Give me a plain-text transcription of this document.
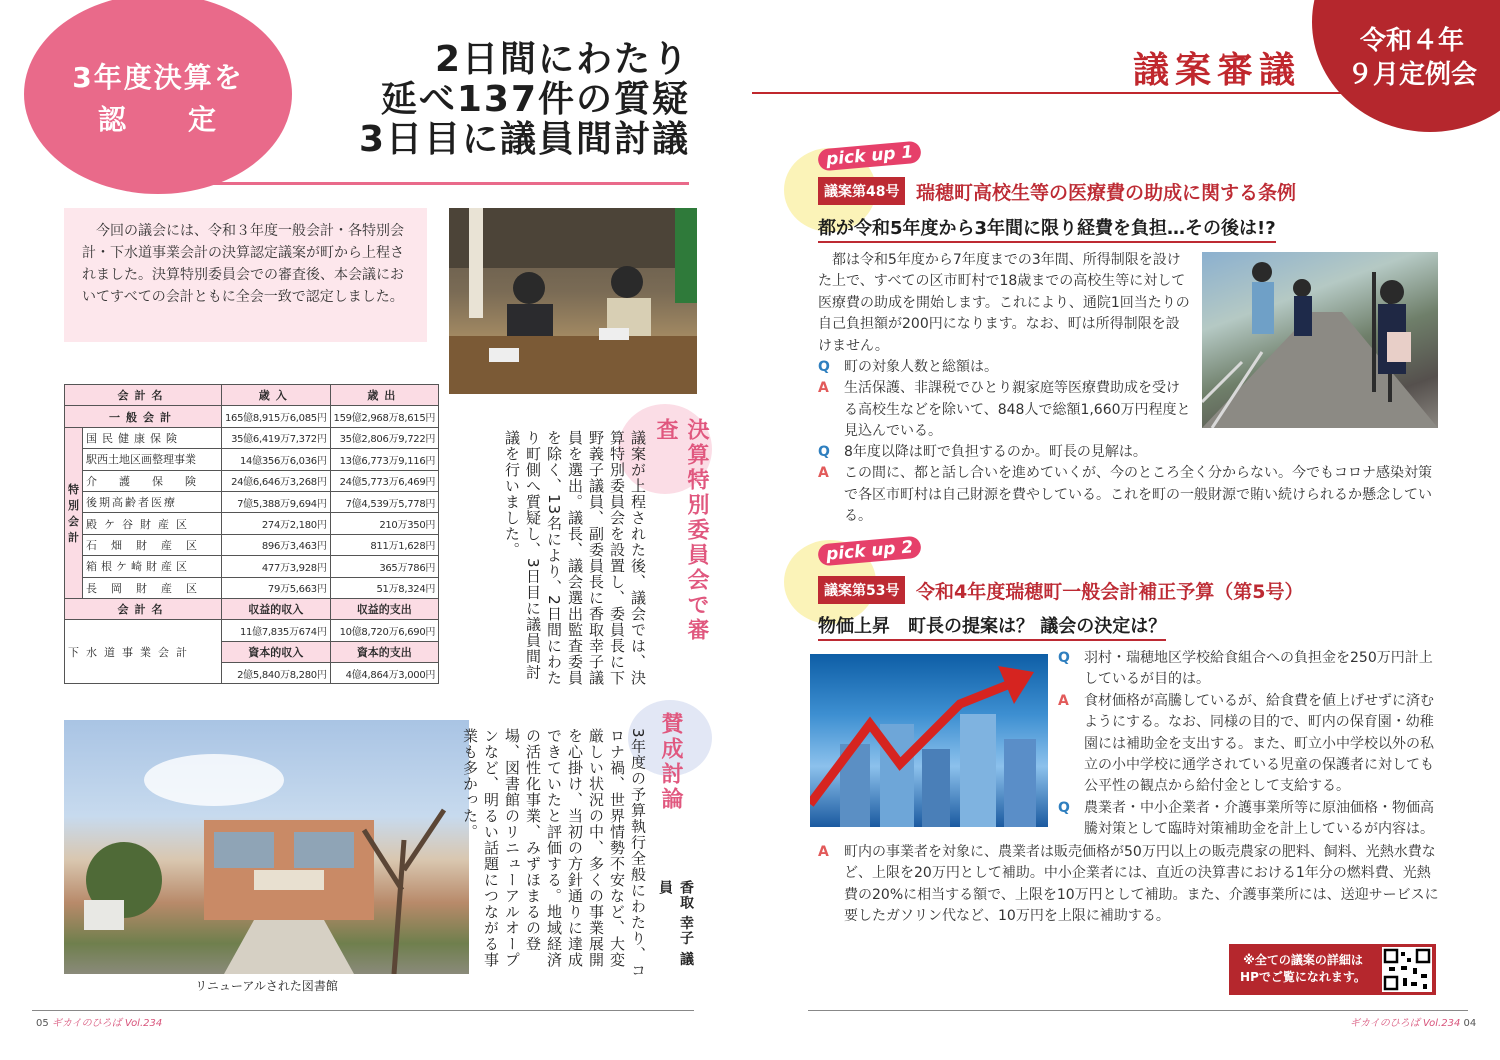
3年度決算を
認　　定
2日間にわたり
延べ137件の質疑
3日目に議員間討議
今回の議会には、令和３年度一般会計・各特別会計・下水道事業会計の決算認定議案が町から上程されました。決算特別委員会での審査後、本会議においてすべての会計ともに全会一致で認定しました。
会計名		歳入	歳出
一般会計		165億8,915万6,085円	159億2,968万8,615円
特
別
会
計	国民健康保険	35億6,419万7,372円	35億2,806万9,722円
	駅西土地区画整理事業	14億356万6,036円	13億6,773万9,116円
	介護保険	24億6,646万3,268円	24億5,773万6,469円
	後期高齢者医療	7億5,388万9,694円	7億4,539万5,778円
	殿ケ谷財産区	274万2,180円	210万350円
	石畑財産区	896万3,463円	811万1,628円
	箱根ケ崎財産区	477万3,928円	365万786円
	長岡財産区	79万5,663円	51万8,324円
会計名		収益的収入	収益的支出
下水道事業会計		11億7,835万674円	10億8,720万6,690円
		資本的収入	資本的支出
		2億5,840万8,280円	4億4,864万3,000円
リニューアルされた図書館
決算特別委員会で審査
議案が上程された後、議会では、決算特別委員会を設置し、委員長に下野義子議員、副委員長に香取幸子議員を選出。議長、議会選出監査委員を除く、13名により、2日間にわたり町側へ質疑し、3日目に議員間討議を行いました。
賛成討論
香取 幸子 議員
3年度の予算執行全般にわたり、コロナ禍、世界情勢不安など、大変厳しい状況の中、多くの事業展開を心掛け、当初の方針通りに達成できていたと評価する。地域経済の活性化事業、みずほまるの登場、図書館のリニューアルオープンなど、明るい話題につながる事業も多かった。
05 ギカイのひろば Vol.234
議案審議
令和４年
９月定例会
pick up 1
議案第48号 瑞穂町高校生等の医療費の助成に関する条例
都が令和5年度から3年間に限り経費を負担…その後は!?
都は令和5年度から7年度までの3年間、所得制限を設けた上で、すべての区市町村で18歳までの高校生等に対して医療費の助成を開始します。これにより、通院1回当たりの自己負担額が200円になります。なお、町は所得制限を設けません。
Q 町の対象人数と総額は。
A 生活保護、非課税でひとり親家庭等医療費助成を受ける高校生などを除いて、848人で総額1,660万円程度と見込んでいる。
Q 8年度以降は町で負担するのか。町長の見解は。
A この間に、都と話し合いを進めていくが、今のところ全く分からない。今でもコロナ感染対策で各区市町村は自己財源を費やしている。これを町の一般財源で賄い続けられるか懸念している。
pick up 2
議案第53号 令和4年度瑞穂町一般会計補正予算（第5号）
物価上昇　町長の提案は？ 議会の決定は？
Q 羽村・瑞穂地区学校給食組合への負担金を250万円計上しているが目的は。
A 食材価格が高騰しているが、給食費を値上げせずに済むようにする。なお、同様の目的で、町内の保育園・幼稚園には補助金を支出する。また、町立小中学校以外の私立の小中学校に通学されている児童の保護者に対しても公平性の観点から給付金として支給する。
Q 農業者・中小企業者・介護事業所等に原油価格・物価高騰対策として臨時対策補助金を計上しているが内容は。
A 町内の事業者を対象に、農業者は販売価格が50万円以上の販売農家の肥料、飼料、光熱水費など、上限を20万円として補助。中小企業者には、直近の決算書における1年分の燃料費、光熱費の20%に相当する額で、上限を10万円として補助。また、介護事業所には、送迎サービスに要したガソリン代など、10万円を上限に補助する。
※全ての議案の詳細は
HPでご覧になれます。
ギカイのひろば Vol.234 04
